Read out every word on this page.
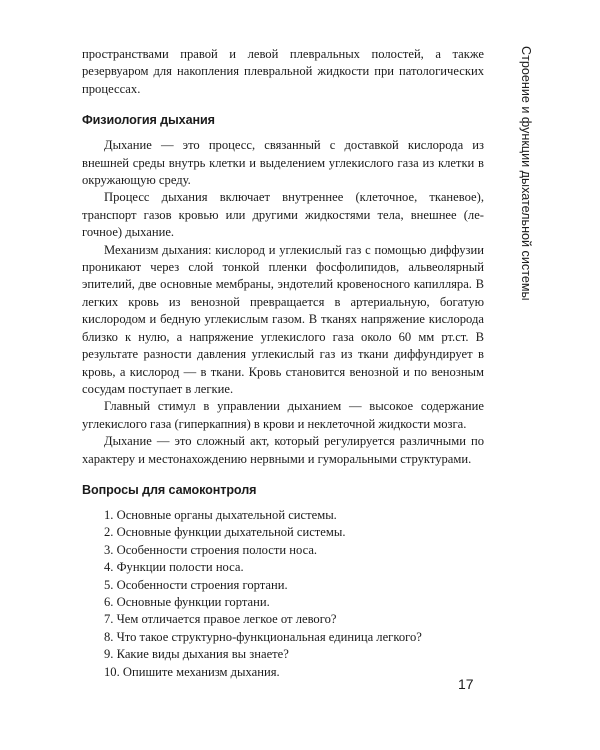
пространствами правой и левой плевральных полостей, а также резервуаром для накопления плевральной жидкости при патологических процессах.

Физиология дыхания

Дыхание — это процесс, связанный с доставкой кислорода из внешней среды внутрь клетки и выделением углекислого газа из клетки в окружающую среду.

Процесс дыхания включает внутреннее (клеточное, тканевое), транспорт газов кровью или другими жидкостями тела, внешнее (легочное) дыхание.

Механизм дыхания: кислород и углекислый газ с помощью диффузии проникают через слой тонкой пленки фосфолипидов, альвеолярный эпителий, две основные мембраны, эндотелий кровеносного капилляра. В легких кровь из венозной превращается в артериальную, богатую кислородом и бедную углекислым газом. В тканях напряжение кислорода близко к нулю, а напряжение углекислого газа около 60 мм рт.ст. В результате разности давления углекислый газ из ткани диффундирует в кровь, а кислород — в ткани. Кровь становится венозной и по венозным сосудам поступает в легкие.

Главный стимул в управлении дыханием — высокое содержание углекислого газа (гиперкапния) в крови и неклеточной жидкости мозга.

Дыхание — это сложный акт, который регулируется различными по характеру и местонахождению нервными и гуморальными структурами.

Вопросы для самоконтроля
1. Основные органы дыхательной системы.
2. Основные функции дыхательной системы.
3. Особенности строения полости носа.
4. Функции полости носа.
5. Особенности строения гортани.
6. Основные функции гортани.
7. Чем отличается правое легкое от левого?
8. Что такое структурно-функциональная единица легкого?
9. Какие виды дыхания вы знаете?
10. Опишите механизм дыхания.
Строение и функции дыхательной системы
17
